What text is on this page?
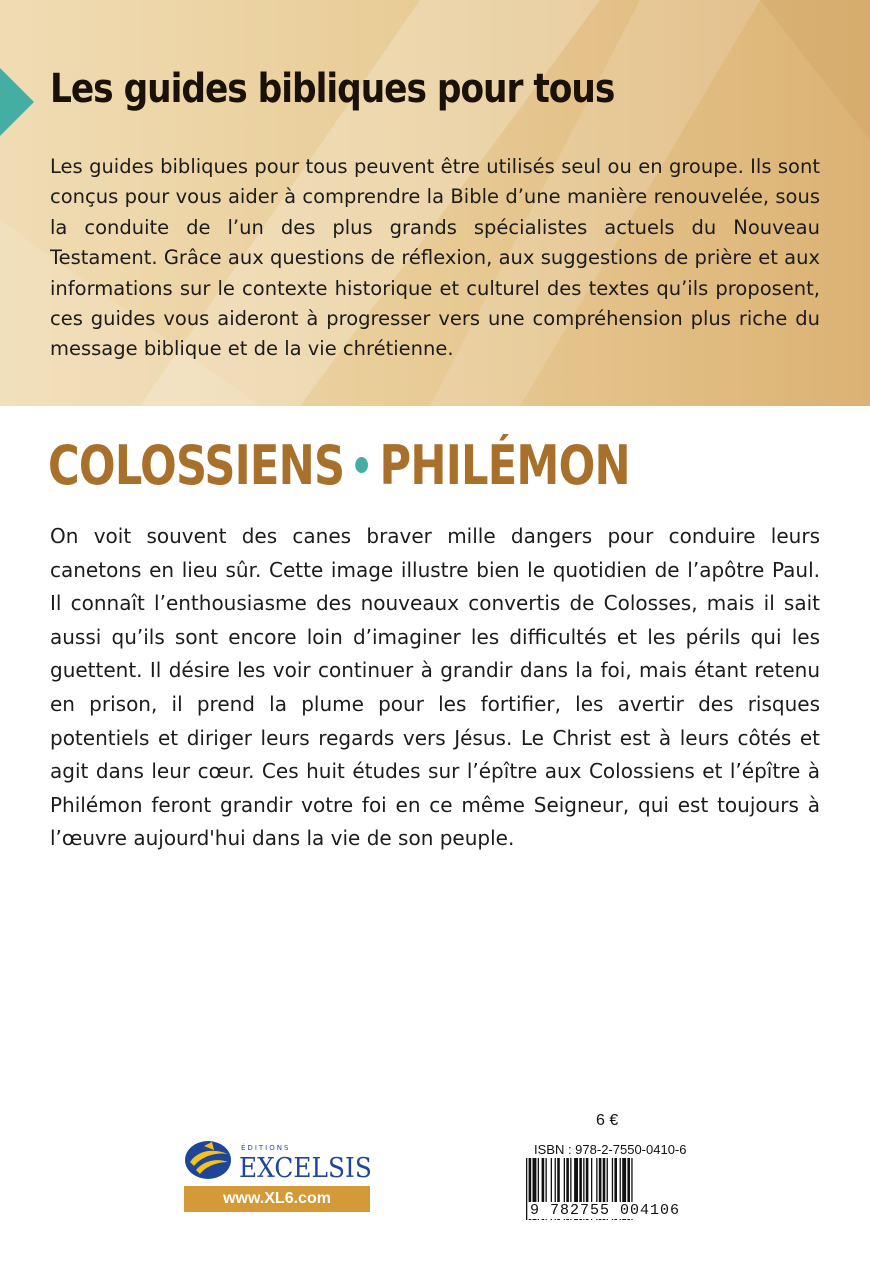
Les guides bibliques pour tous

Les guides bibliques pour tous peuvent être utilisés seul ou en groupe. Ils sont conçus pour vous aider à comprendre la Bible d’une manière renouvelée, sous la conduite de l’un des plus grands spécialistes actuels du Nouveau Testament. Grâce aux questions de réflexion, aux suggestions de prière et aux informations sur le contexte historique et culturel des textes qu’ils proposent, ces guides vous aideront à progresser vers une compréhension plus riche du message biblique et de la vie chrétienne.

COLOSSIENS PHILÉMON

On voit souvent des canes braver mille dangers pour conduire leurs canetons en lieu sûr. Cette image illustre bien le quotidien de l’apôtre Paul. Il connaît l’enthousiasme des nouveaux convertis de Colosses, mais il sait aussi qu’ils sont encore loin d’imaginer les difficultés et les périls qui les guettent. Il désire les voir continuer à grandir dans la foi, mais étant retenu en prison, il prend la plume pour les fortifier, les avertir des risques potentiels et diriger leurs regards vers Jésus. Le Christ est à leurs côtés et agit dans leur cœur. Ces huit études sur l’épître aux Colossiens et l’épître à Philémon feront grandir votre foi en ce même Seigneur, qui est toujours à l’œuvre aujourd'hui dans la vie de son peuple.

ÉDITIONS
EXCELSIS
www.XL6.com
6 €
ISBN : 978-2-7550-0410-6
9 782755 004106
